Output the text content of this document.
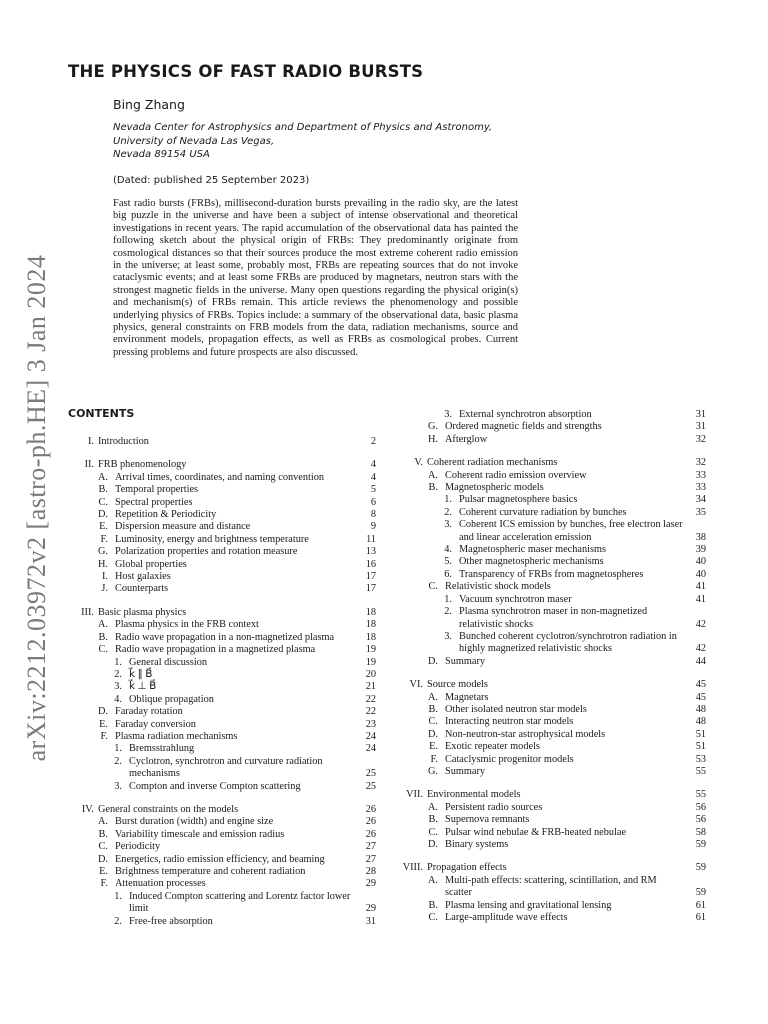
arXiv:2212.03972v2 [astro-ph.HE] 3 Jan 2024
THE PHYSICS OF FAST RADIO BURSTS
Bing Zhang
Nevada Center for Astrophysics and Department of Physics and Astronomy,
University of Nevada Las Vegas,
Nevada 89154 USA
(Dated: published 25 September 2023)

Fast radio bursts (FRBs), millisecond-duration bursts prevailing in the radio sky, are the latest big puzzle in the universe and have been a subject of intense observational and theoretical investigations in recent years. The rapid accumulation of the observational data has painted the following sketch about the physical origin of FRBs: They predominantly originate from cosmological distances so that their sources produce the most extreme coherent radio emission in the universe; at least some, probably most, FRBs are repeating sources that do not invoke cataclysmic events; and at least some FRBs are produced by magnetars, neutron stars with the strongest magnetic fields in the universe. Many open questions regarding the physical origin(s) and mechanism(s) of FRBs remain. This article reviews the phenomenology and possible underlying physics of FRBs. Topics include: a summary of the observational data, basic plasma physics, general constraints on FRB models from the data, radiation mechanisms, source and environment models, propagation effects, as well as FRBs as cosmological probes. Current pressing problems and future prospects are also discussed.

CONTENTS
I. Introduction	2
II. FRB phenomenology	4
A. Arrival times, coordinates, and naming convention	4
B. Temporal properties	5
C. Spectral properties	6
D. Repetition & Periodicity	8
E. Dispersion measure and distance	9
F. Luminosity, energy and brightness temperature	11
G. Polarization properties and rotation measure	13
H. Global properties	16
I. Host galaxies	17
J. Counterparts	17
III. Basic plasma physics	18
A. Plasma physics in the FRB context	18
B. Radio wave propagation in a non-magnetized plasma	18
C. Radio wave propagation in a magnetized plasma	19
1. General discussion	19
2. k⃗ ∥ B⃗	20
3. k⃗ ⊥ B⃗	21
4. Oblique propagation	22
D. Faraday rotation	22
E. Faraday conversion	23
F. Plasma radiation mechanisms	24
1. Bremsstrahlung	24
2. Cyclotron, synchrotron and curvature radiation mechanisms	25
3. Compton and inverse Compton scattering	25
IV. General constraints on the models	26
A. Burst duration (width) and engine size	26
B. Variability timescale and emission radius	26
C. Periodicity	27
D. Energetics, radio emission efficiency, and beaming	27
E. Brightness temperature and coherent radiation	28
F. Attenuation processes	29
1. Induced Compton scattering and Lorentz factor lower limit	29
2. Free-free absorption	31
3. External synchrotron absorption	31
G. Ordered magnetic fields and strengths	31
H. Afterglow	32
V. Coherent radiation mechanisms	32
A. Coherent radio emission overview	33
B. Magnetospheric models	33
1. Pulsar magnetosphere basics	34
2. Coherent curvature radiation by bunches	35
3. Coherent ICS emission by bunches, free electron laser and linear acceleration emission	38
4. Magnetospheric maser mechanisms	39
5. Other magnetospheric mechanisms	40
6. Transparency of FRBs from magnetospheres	40
C. Relativistic shock models	41
1. Vacuum synchrotron maser	41
2. Plasma synchrotron maser in non-magnetized relativistic shocks	42
3. Bunched coherent cyclotron/synchrotron radiation in highly magnetized relativistic shocks	42
D. Summary	44
VI. Source models	45
A. Magnetars	45
B. Other isolated neutron star models	48
C. Interacting neutron star models	48
D. Non-neutron-star astrophysical models	51
E. Exotic repeater models	51
F. Cataclysmic progenitor models	53
G. Summary	55
VII. Environmental models	55
A. Persistent radio sources	56
B. Supernova remnants	56
C. Pulsar wind nebulae & FRB-heated nebulae	58
D. Binary systems	59
VIII. Propagation effects	59
A. Multi-path effects: scattering, scintillation, and RM scatter	59
B. Plasma lensing and gravitational lensing	61
C. Large-amplitude wave effects	61
